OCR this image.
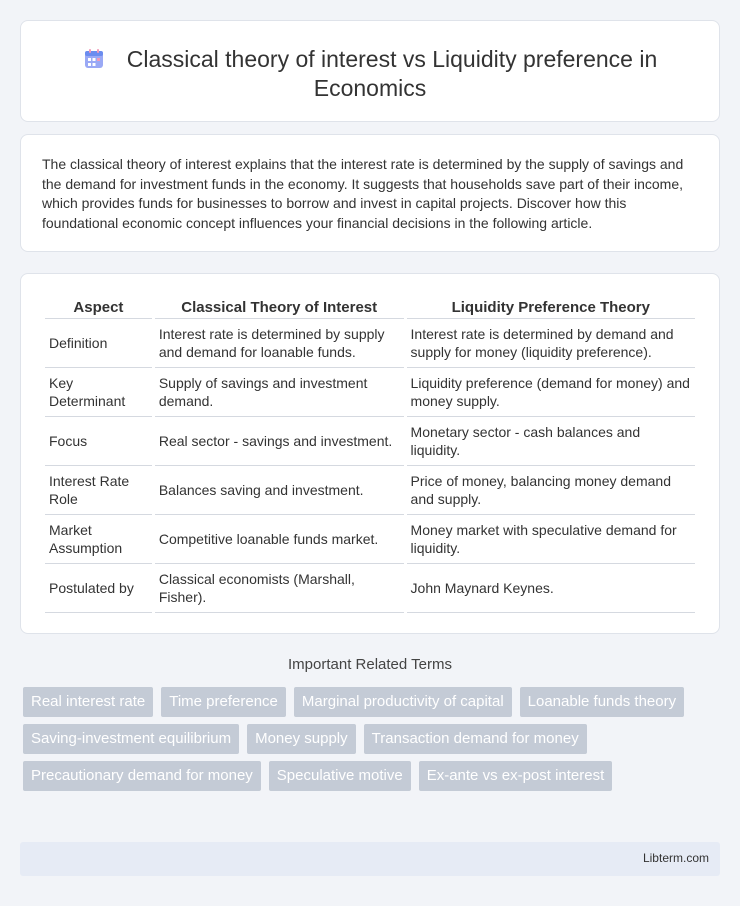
Classical theory of interest vs Liquidity preference in Economics

The classical theory of interest explains that the interest rate is determined by the supply of savings and the demand for investment funds in the economy. It suggests that households save part of their income, which provides funds for businesses to borrow and invest in capital projects. Discover how this foundational economic concept influences your financial decisions in the following article.

Aspect	Classical Theory of Interest	Liquidity Preference Theory
Definition	Interest rate is determined by supply and demand for loanable funds.	Interest rate is determined by demand and supply for money (liquidity preference).
Key Determinant	Supply of savings and investment demand.	Liquidity preference (demand for money) and money supply.
Focus	Real sector - savings and investment.	Monetary sector - cash balances and liquidity.
Interest Rate Role	Balances saving and investment.	Price of money, balancing money demand and supply.
Market Assumption	Competitive loanable funds market.	Money market with speculative demand for liquidity.
Postulated by	Classical economists (Marshall, Fisher).	John Maynard Keynes.
Important Related Terms
Real interest rate	Time preference	Marginal productivity of capital	Loanable funds theory
Saving-investment equilibrium	Money supply	Transaction demand for money
Precautionary demand for money	Speculative motive	Ex-ante vs ex-post interest
Libterm.com
